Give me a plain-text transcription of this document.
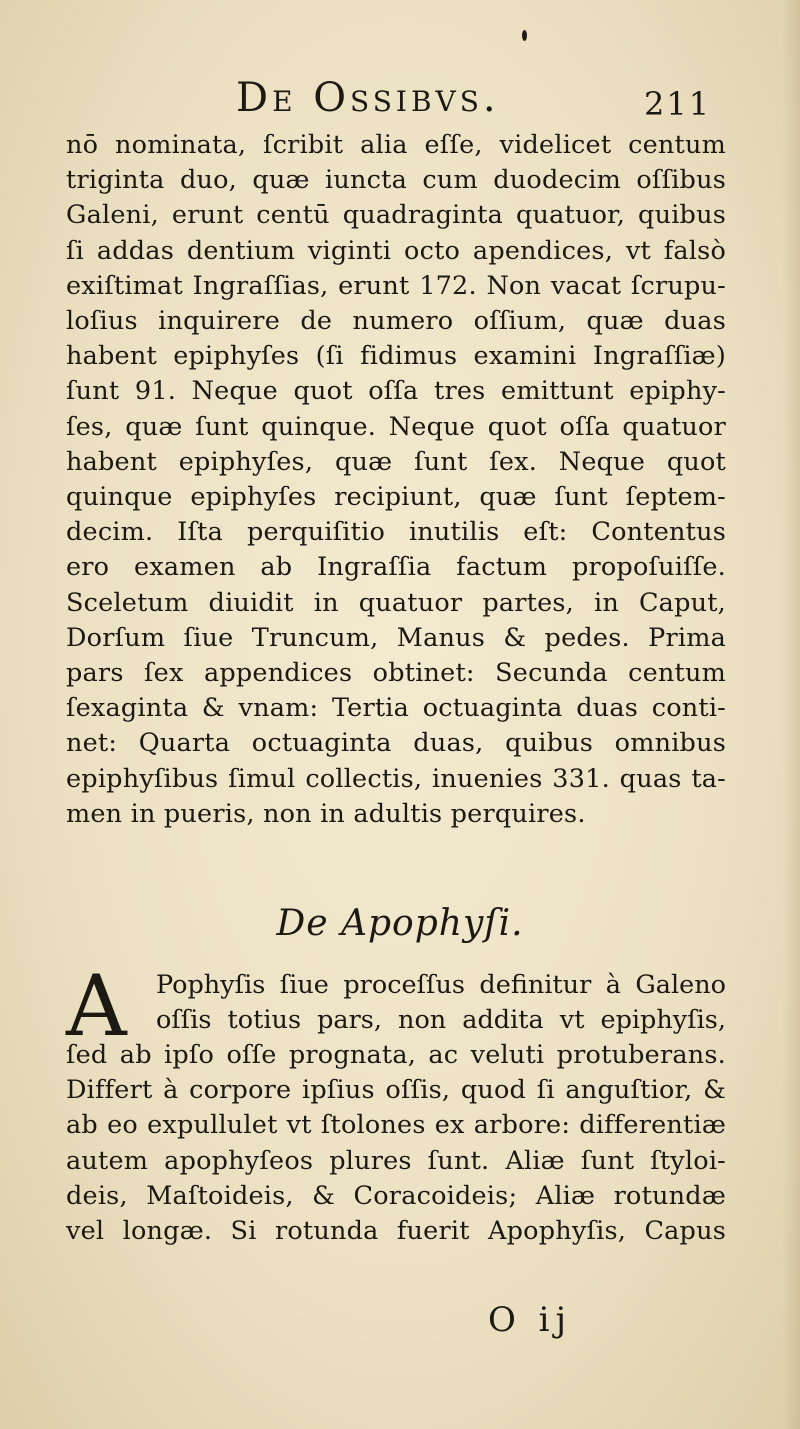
De Ossibvs.	211
nō nominata, ſcribit alia eſſe, videlicet centum
triginta duo, quæ iuncta cum duodecim oſſibus
Galeni, erunt centū quadraginta quatuor, quibus
ſi addas dentium viginti octo apendices, vt falsò
exiſtimat Ingraſſias, erunt 172. Non vacat ſcrupu-
loſius inquirere de numero oſſium, quæ duas
habent epiphyſes (ſi fidimus examini Ingraſſiæ)
ſunt 91. Neque quot oſſa tres emittunt epiphy-
ſes, quæ ſunt quinque. Neque quot oſſa quatuor
habent epiphyſes, quæ ſunt ſex. Neque quot
quinque epiphyſes recipiunt, quæ ſunt ſeptem-
decim. Iſta perquiſitio inutilis eſt: Contentus
ero examen ab Ingraſſia factum propoſuiſſe.
Sceletum diuidit in quatuor partes, in Caput,
Dorſum ſiue Truncum, Manus & pedes. Prima
pars ſex appendices obtinet: Secunda centum
ſexaginta & vnam: Tertia octuaginta duas conti-
net: Quarta octuaginta duas, quibus omnibus
epiphyſibus ſimul collectis, inuenies 331. quas ta-
men in pueris, non in adultis perquires.
De Apophyſi.
A Pophyſis ſiue proceſſus definitur à Galeno
oſſis totius pars, non addita vt epiphyſis,
ſed ab ipſo oſſe prognata, ac veluti protuberans.
Differt à corpore ipſius oſſis, quod ſi anguſtior, &
ab eo expullulet vt ſtolones ex arbore: differentiæ
autem apophyſeos plures ſunt. Aliæ ſunt ſtyloi-
deis, Maſtoideis, & Coracoideis; Aliæ rotundæ
vel longæ. Si rotunda fuerit Apophyſis, Capus
O ij
